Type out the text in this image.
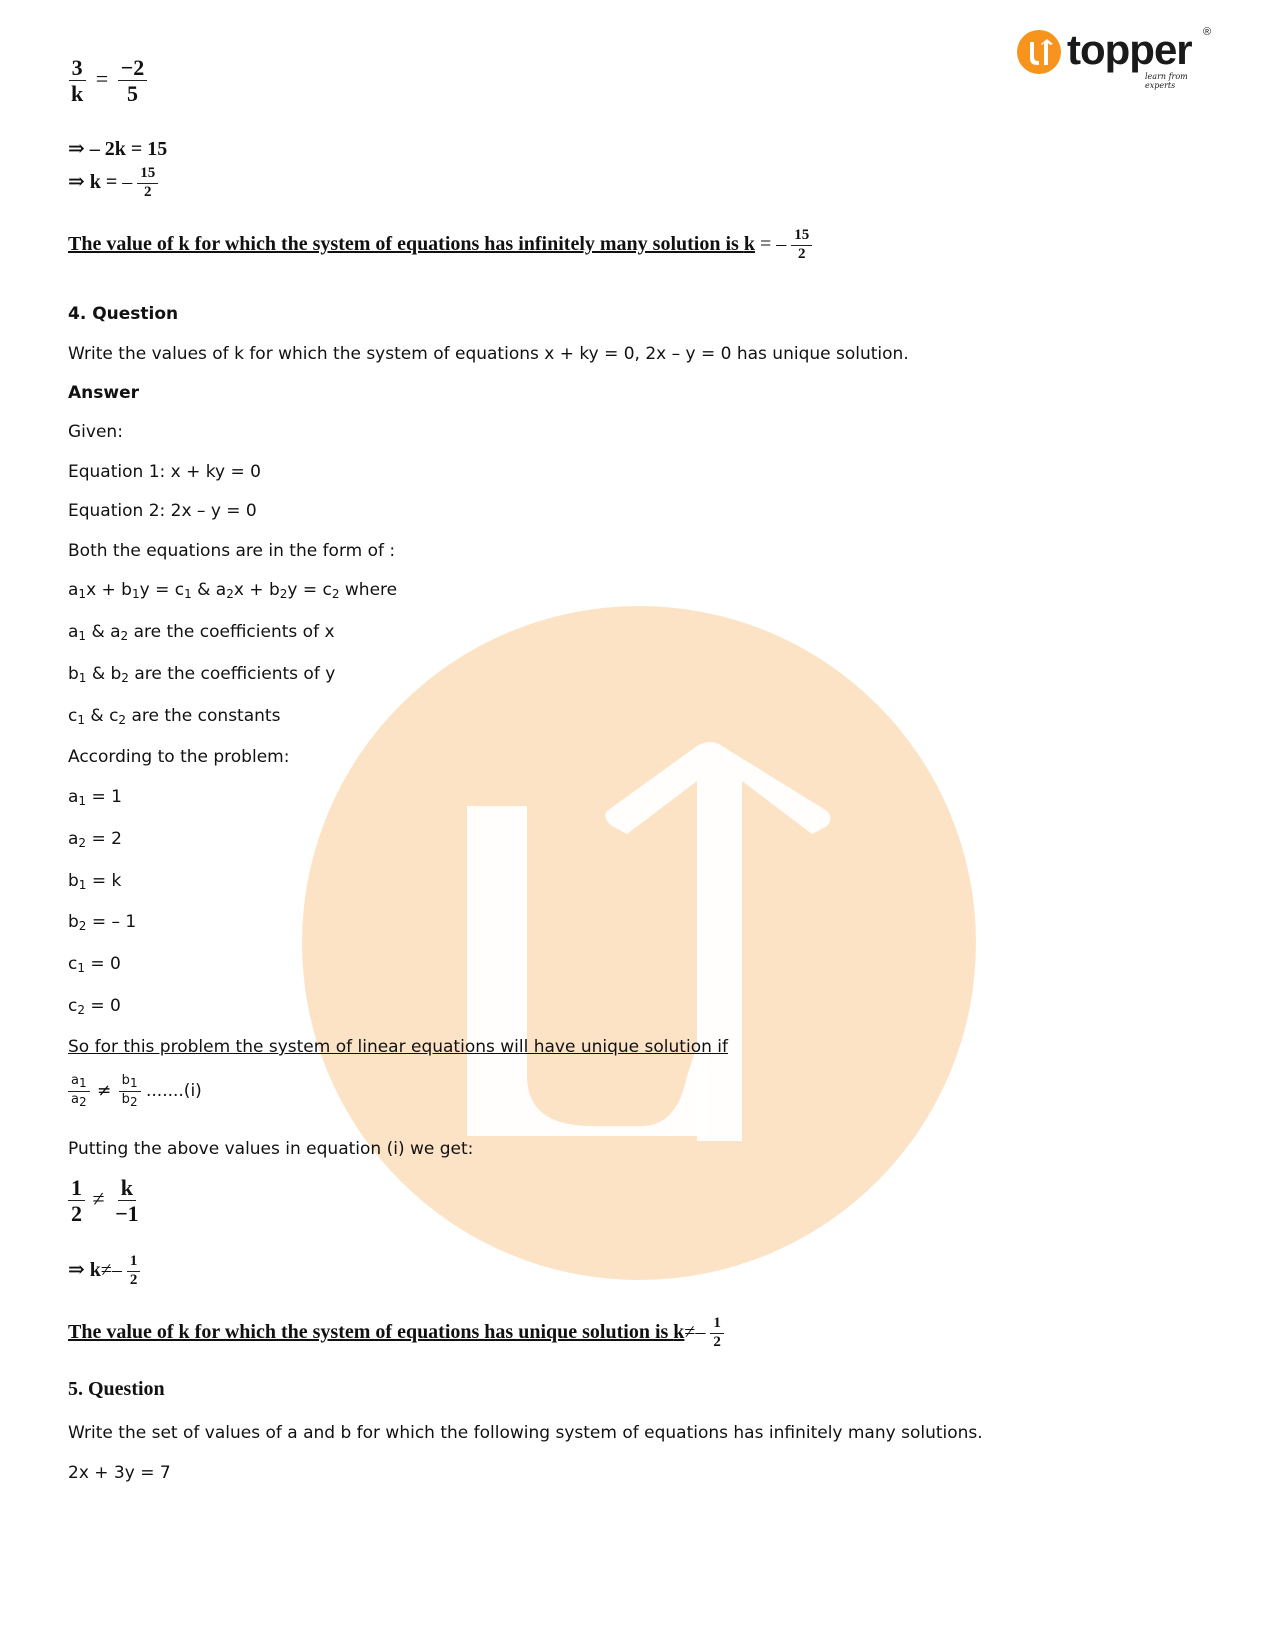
topper ®
learn from experts
$\frac{3}{k} = \frac{-2}{5}$
⇒ – 2k = 15
⇒ k = – $\frac{15}{2}$
The value of k for which the system of equations has infinitely many solution is k = – $\frac{15}{2}$
4. Question
Write the values of k for which the system of equations x + ky = 0, 2x – y = 0 has unique solution.
Answer
Given:
Equation 1: x + ky = 0
Equation 2: 2x – y = 0
Both the equations are in the form of :
$a_1x + b_1y = c_1$ & $a_2x + b_2y = c_2$ where
$a_1$ & $a_2$ are the coefficients of x
$b_1$ & $b_2$ are the coefficients of y
$c_1$ & $c_2$ are the constants
According to the problem:
$a_1 = 1$
$a_2 = 2$
$b_1 = k$
$b_2$ = – 1
$c_1 = 0$
$c_2 = 0$
So for this problem the system of linear equations will have unique solution if
$\frac{a_1}{a_2} \ne \frac{b_1}{b_2} .......(i)$
Putting the above values in equation (i) we get:
$\frac{1}{2} \ne \frac{k}{-1}$
⇒ $k\ne- \frac{1}{2}$
The value of k for which the system of equations has unique solution is $k\ne- \frac{1}{2}$
5. Question
Write the set of values of a and b for which the following system of equations has infinitely many solutions.
2x + 3y = 7
